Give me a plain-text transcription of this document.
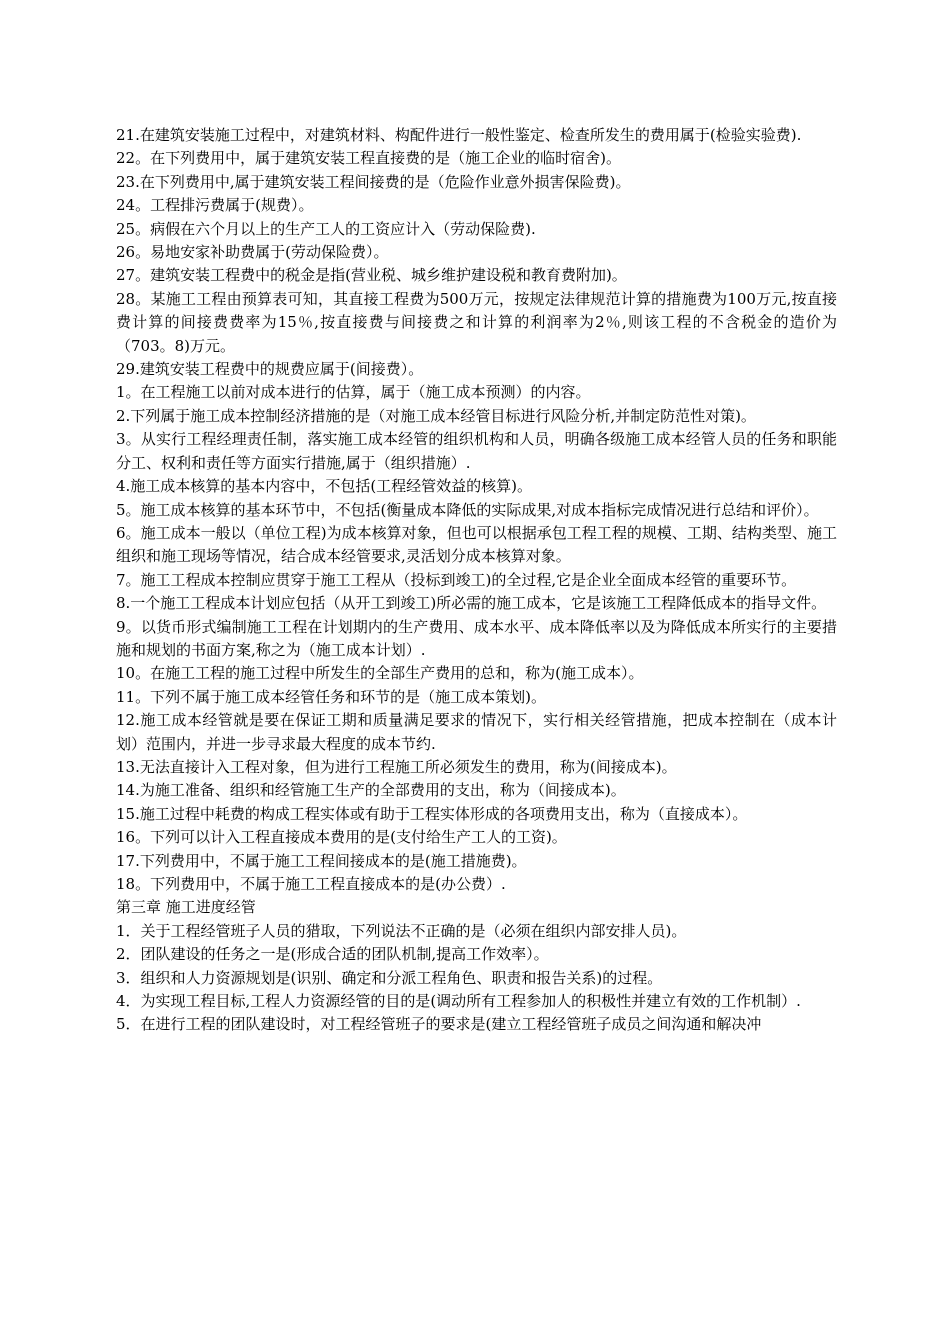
21.在建筑安装施工过程中，对建筑材料、构配件进行一般性鉴定、检查所发生的费用属于(检验实验费).

22。在下列费用中，属于建筑安装工程直接费的是（施工企业的临时宿舍)。

23.在下列费用中,属于建筑安装工程间接费的是（危险作业意外损害保险费)。

24。工程排污费属于(规费）。

25。病假在六个月以上的生产工人的工资应计入（劳动保险费).

26。易地安家补助费属于(劳动保险费）。

27。建筑安装工程费中的税金是指(营业税、城乡维护建设税和教育费附加)。

28。某施工工程由预算表可知，其直接工程费为500万元，按规定法律规范计算的措施费为100万元,按直接费计算的间接费费率为15％,按直接费与间接费之和计算的利润率为2％,则该工程的不含税金的造价为（703。8)万元。

29.建筑安装工程费中的规费应属于(间接费）。

1。在工程施工以前对成本进行的估算，属于（施工成本预测）的内容。

2.下列属于施工成本控制经济措施的是（对施工成本经管目标进行风险分析,并制定防范性对策)。

3。从实行工程经理责任制，落实施工成本经管的组织机构和人员，明确各级施工成本经管人员的任务和职能分工、权利和责任等方面实行措施,属于（组织措施）.

4.施工成本核算的基本内容中，不包括(工程经管效益的核算)。

5。施工成本核算的基本环节中，不包括(衡量成本降低的实际成果,对成本指标完成情况进行总结和评价）。

6。施工成本一般以（单位工程)为成本核算对象，但也可以根据承包工程工程的规模、工期、结构类型、施工组织和施工现场等情况，结合成本经管要求,灵活划分成本核算对象。

7。施工工程成本控制应贯穿于施工工程从（投标到竣工)的全过程,它是企业全面成本经管的重要环节。

8.一个施工工程成本计划应包括（从开工到竣工)所必需的施工成本，它是该施工工程降低成本的指导文件。

9。以货币形式编制施工工程在计划期内的生产费用、成本水平、成本降低率以及为降低成本所实行的主要措施和规划的书面方案,称之为（施工成本计划）.

10。在施工工程的施工过程中所发生的全部生产费用的总和，称为(施工成本）。

11。下列不属于施工成本经管任务和环节的是（施工成本策划)。

12.施工成本经管就是要在保证工期和质量满足要求的情况下，实行相关经管措施，把成本控制在（成本计划）范围内，并进一步寻求最大程度的成本节约.

13.无法直接计入工程对象，但为进行工程施工所必须发生的费用，称为(间接成本)。

14.为施工准备、组织和经管施工生产的全部费用的支出，称为（间接成本)。

15.施工过程中耗费的构成工程实体或有助于工程实体形成的各项费用支出，称为（直接成本）。

16。下列可以计入工程直接成本费用的是(支付给生产工人的工资)。

17.下列费用中，不属于施工工程间接成本的是(施工措施费)。

18。下列费用中，不属于施工工程直接成本的是(办公费）.

第三章 施工进度经管

1．关于工程经管班子人员的猎取，下列说法不正确的是（必须在组织内部安排人员)。

2．团队建设的任务之一是(形成合适的团队机制,提高工作效率）。

3．组织和人力资源规划是(识别、确定和分派工程角色、职责和报告关系)的过程。

4．为实现工程目标,工程人力资源经管的目的是(调动所有工程参加人的积极性并建立有效的工作机制）.

5．在进行工程的团队建设时，对工程经管班子的要求是(建立工程经管班子成员之间沟通和解决冲
